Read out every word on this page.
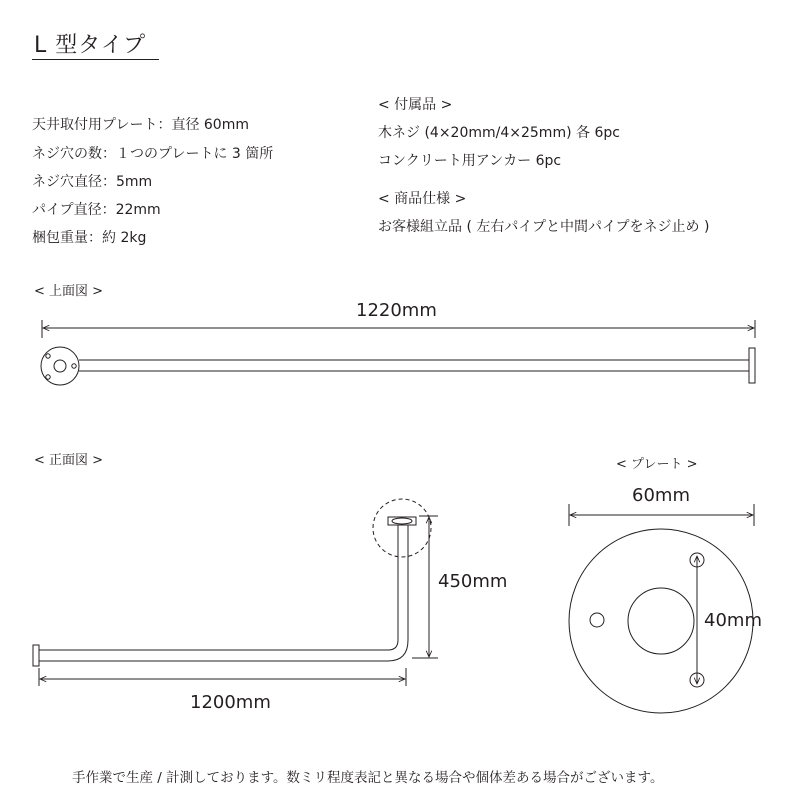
L 型タイプ
天井取付用プレート：直径 60mm
ネジ穴の数：１つのプレートに 3 箇所
ネジ穴直径：5mm
パイプ直径：22mm
梱包重量：約 2kg
< 付属品 >
木ネジ (4×20mm/4×25mm) 各 6pc
コンクリート用アンカー 6pc
< 商品仕様 >
お客様組立品 ( 左右パイプと中間パイプをネジ止め )
< 上面図 >
1220mm
< 正面図 >
450mm
1200mm
< プレート >
60mm
40mm
手作業で生産 / 計測しております。数ミリ程度表記と異なる場合や個体差ある場合がございます。
